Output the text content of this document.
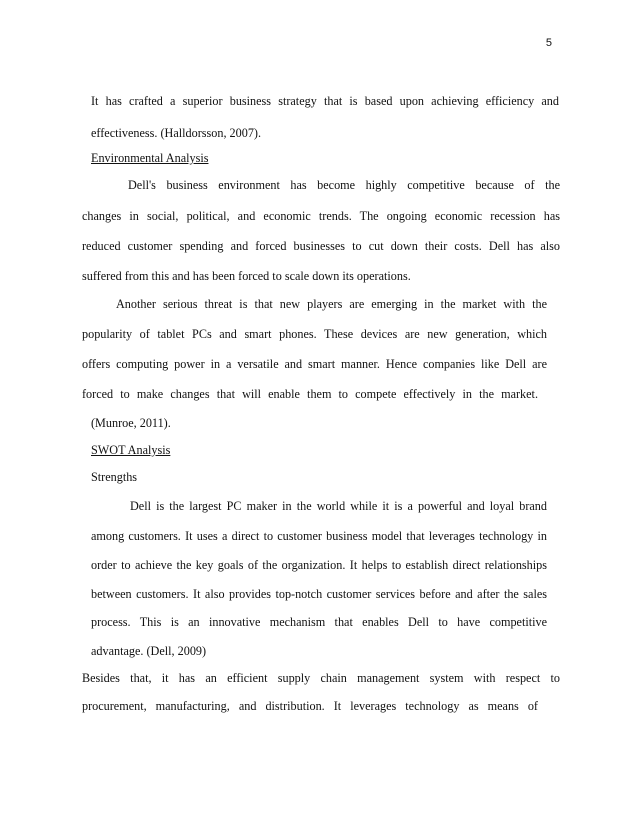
5
It has crafted a superior business strategy that is based upon achieving efficiency and
effectiveness. (Halldorsson, 2007).
Environmental Analysis
Dell's business environment has become highly competitive because of the
changes in social, political, and economic trends. The ongoing economic recession has
reduced customer spending and forced businesses to cut down their costs. Dell has also
suffered from this and has been forced to scale down its operations.
Another serious threat is that new players are emerging in the market with the
popularity of tablet PCs and smart phones. These devices are new generation, which
offers computing power in a versatile and smart manner. Hence companies like Dell are
forced to make changes that will enable them to compete effectively in the market.
(Munroe, 2011).
SWOT Analysis
Strengths
Dell is the largest PC maker in the world while it is a powerful and loyal brand
among customers. It uses a direct to customer business model that leverages technology in
order to achieve the key goals of the organization. It helps to establish direct relationships
between customers. It also provides top-notch customer services before and after the sales
process. This is an innovative mechanism that enables Dell to have competitive
advantage. (Dell, 2009)
Besides that, it has an efficient supply chain management system with respect to
procurement, manufacturing, and distribution. It leverages technology as means of
